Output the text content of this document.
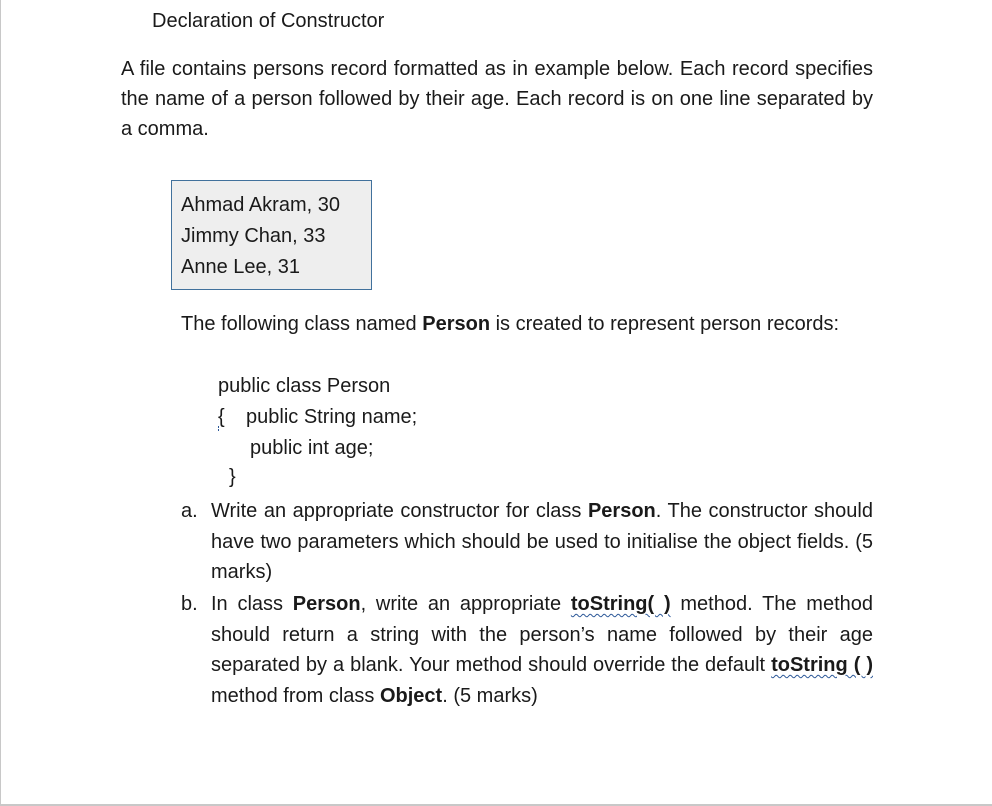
Declaration of Constructor
A file contains persons record formatted as in example below. Each record specifies the name of a person followed by their age. Each record is on one line separated by a comma.
Ahmad Akram, 30
Jimmy Chan, 33
Anne Lee, 31
The following class named Person is created to represent person records:
public class Person
{ public String name;
public int age;
}
a. Write an appropriate constructor for class Person. The constructor should have two parameters which should be used to initialise the object fields. (5 marks)
b. In class Person, write an appropriate toString( ) method. The method should return a string with the person’s name followed by their age separated by a blank. Your method should override the default toString ( ) method from class Object. (5 marks)
